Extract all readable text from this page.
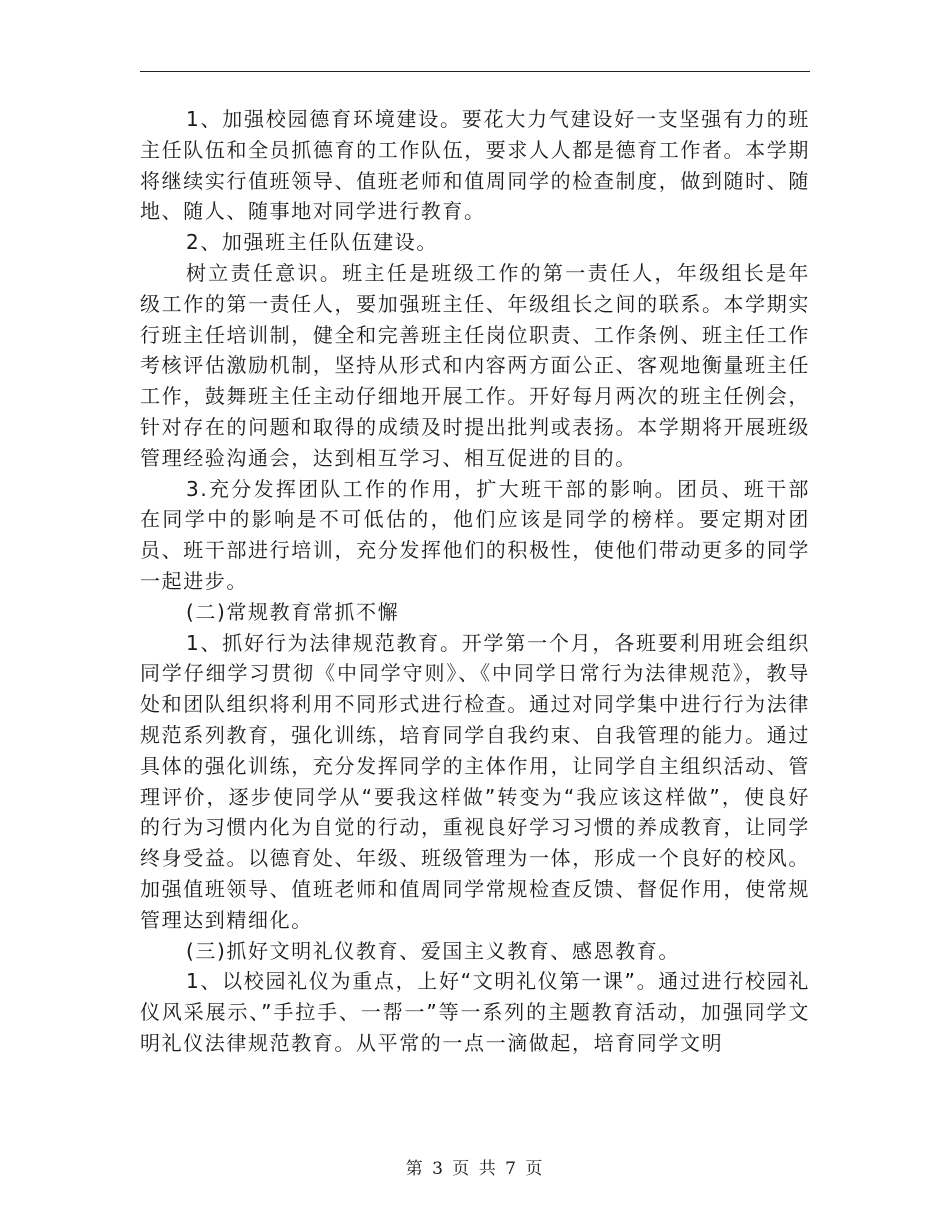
1、加强校园德育环境建设。要花大力气建设好一支坚强有力的班主任队伍和全员抓德育的工作队伍，要求人人都是德育工作者。本学期将继续实行值班领导、值班老师和值周同学的检查制度，做到随时、随地、随人、随事地对同学进行教育。

2、加强班主任队伍建设。

树立责任意识。班主任是班级工作的第一责任人，年级组长是年级工作的第一责任人，要加强班主任、年级组长之间的联系。本学期实行班主任培训制，健全和完善班主任岗位职责、工作条例、班主任工作考核评估激励机制，坚持从形式和内容两方面公正、客观地衡量班主任工作，鼓舞班主任主动仔细地开展工作。开好每月两次的班主任例会，针对存在的问题和取得的成绩及时提出批判或表扬。本学期将开展班级管理经验沟通会，达到相互学习、相互促进的目的。

3.充分发挥团队工作的作用，扩大班干部的影响。团员、班干部在同学中的影响是不可低估的，他们应该是同学的榜样。要定期对团员、班干部进行培训，充分发挥他们的积极性，使他们带动更多的同学一起进步。

(二)常规教育常抓不懈

1、抓好行为法律规范教育。开学第一个月，各班要利用班会组织同学仔细学习贯彻《中同学守则》、《中同学日常行为法律规范》，教导处和团队组织将利用不同形式进行检查。通过对同学集中进行行为法律规范系列教育，强化训练，培育同学自我约束、自我管理的能力。通过具体的强化训练，充分发挥同学的主体作用，让同学自主组织活动、管理评价，逐步使同学从“要我这样做”转变为“我应该这样做”，使良好的行为习惯内化为自觉的行动，重视良好学习习惯的养成教育，让同学终身受益。以德育处、年级、班级管理为一体，形成一个良好的校风。加强值班领导、值班老师和值周同学常规检查反馈、督促作用，使常规管理达到精细化。

(三)抓好文明礼仪教育、爱国主义教育、感恩教育。

1、以校园礼仪为重点，上好“文明礼仪第一课”。通过进行校园礼仪风采展示、”手拉手、一帮一”等一系列的主题教育活动，加强同学文明礼仪法律规范教育。从平常的一点一滴做起，培育同学文明

第 3 页 共 7 页
